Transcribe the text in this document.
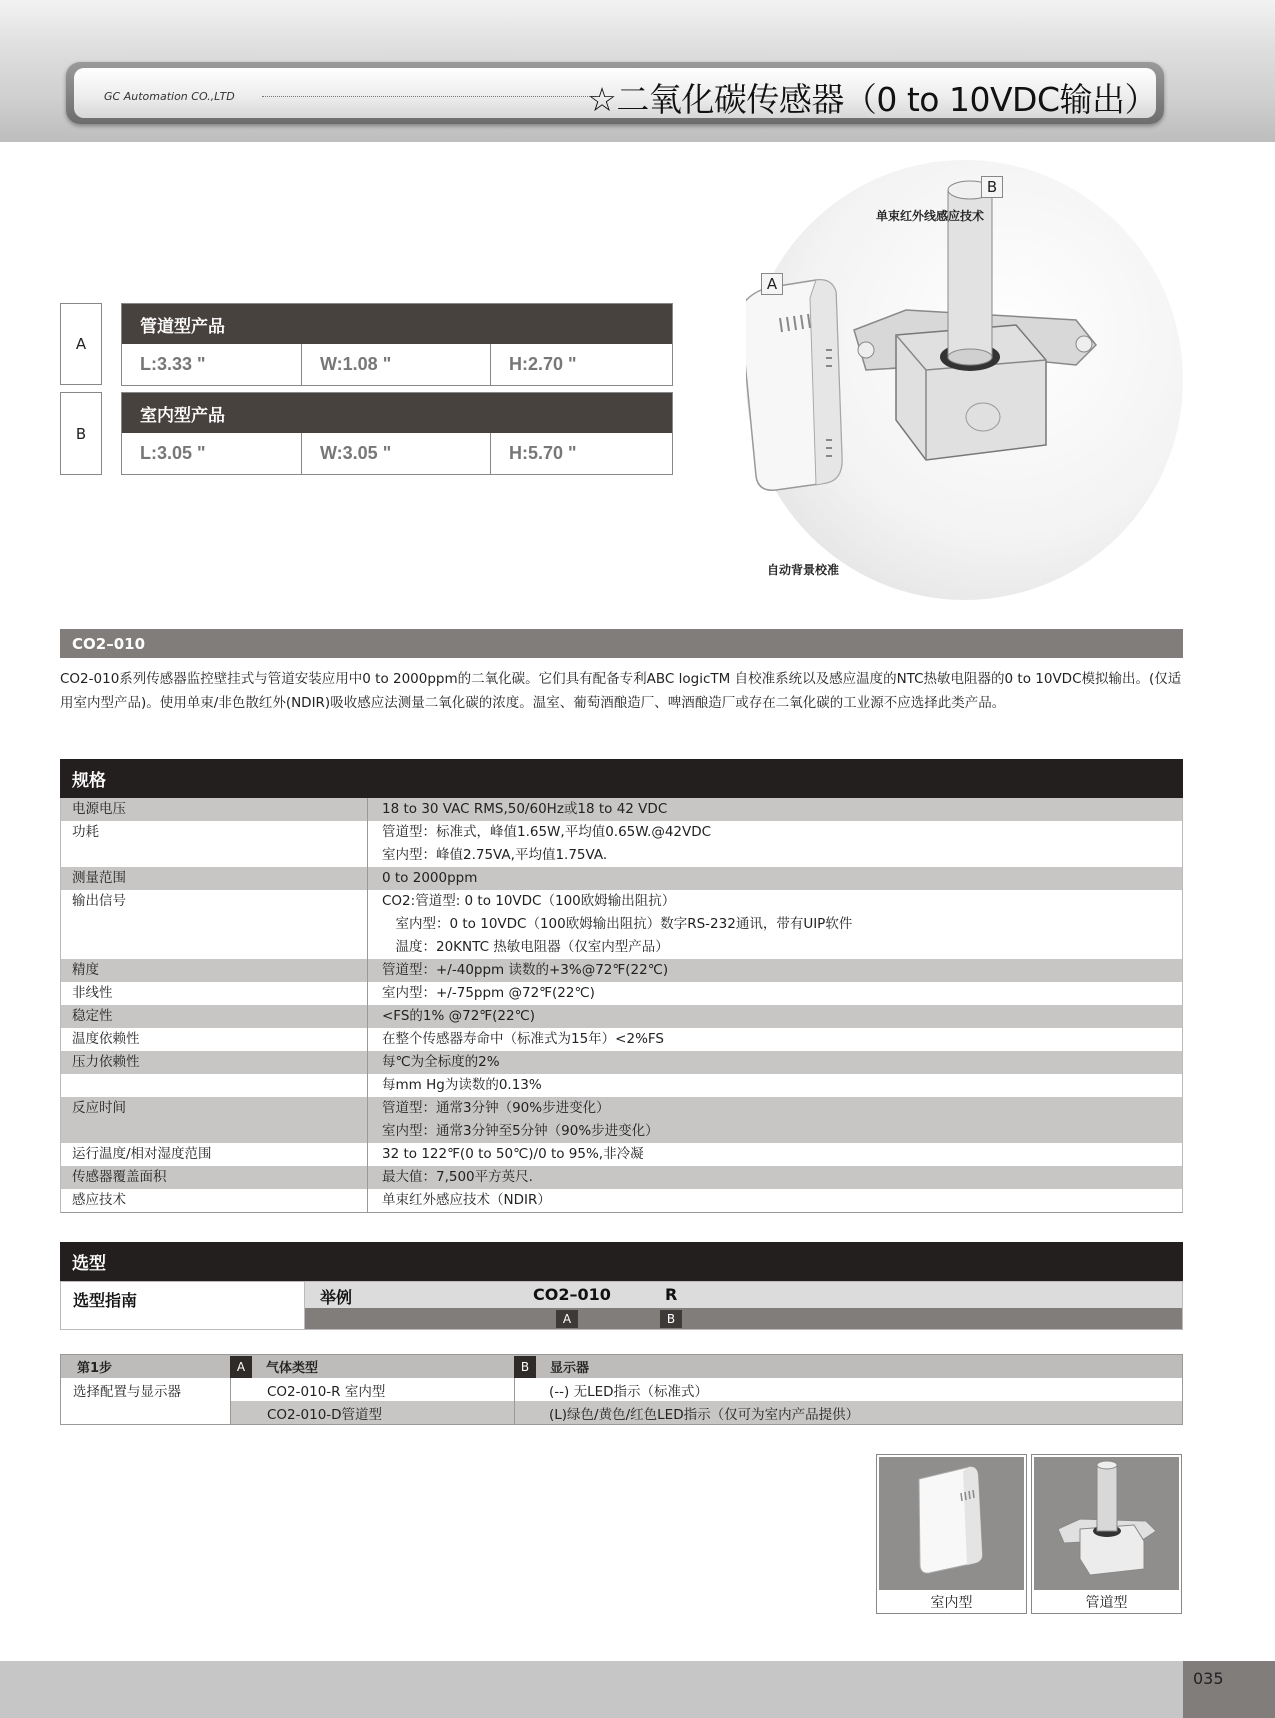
GC Automation CO.,LTD	☆二氧化碳传感器（0 to 10VDC输出）
A
管道型产品
L:3.33 "	W:1.08 "	H:2.70 "
B
室内型产品
L:3.05 "	W:3.05 "	H:5.70 "
B
单束红外线感应技术
A
自动背景校准
CO2–010
CO2-010系列传感器监控壁挂式与管道安装应用中0 to 2000ppm的二氧化碳。它们具有配备专利ABC logicTM 自校准系统以及感应温度的NTC热敏电阻器的0 to 10VDC模拟输出。(仅适用室内型产品)。使用单束/非色散红外(NDIR)吸收感应法测量二氧化碳的浓度。温室、葡萄酒酿造厂、啤酒酿造厂或存在二氧化碳的工业源不应选择此类产品。
规格
电源电压	18 to 30 VAC RMS,50/60Hz或18 to 42 VDC
功耗	管道型：标准式，峰值1.65W,平均值0.65W.@42VDC
室内型：峰值2.75VA,平均值1.75VA.
测量范围	0 to 2000ppm
输出信号	CO2:管道型: 0 to 10VDC（100欧姆输出阻抗）
　室内型：0 to 10VDC（100欧姆输出阻抗）数字RS-232通讯，带有UIP软件
　温度：20KNTC 热敏电阻器（仅室内型产品）
精度	管道型：+/-40ppm 读数的+3%@72℉(22℃)
非线性	室内型：+/-75ppm @72℉(22℃)
稳定性	<FS的1% @72℉(22℃)
温度依赖性	在整个传感器寿命中（标准式为15年）<2%FS
压力依赖性	每℃为全标度的2%
每mm Hg为读数的0.13%
反应时间	管道型：通常3分钟（90%步进变化）
室内型：通常3分钟至5分钟（90%步进变化）
运行温度/相对湿度范围	32 to 122℉(0 to 50℃)/0 to 95%,非冷凝
传感器覆盖面积	最大值：7,500平方英尺.
感应技术	单束红外感应技术（NDIR）
选型
选型指南	举例	CO2–010	R
A	B
第1步	A	气体类型	B	显示器
选择配置与显示器	CO2-010-R 室内型	(--) 无LED指示（标准式）
CO2-010-D管道型	(L)绿色/黄色/红色LED指示（仅可为室内产品提供）
室内型	管道型
035
